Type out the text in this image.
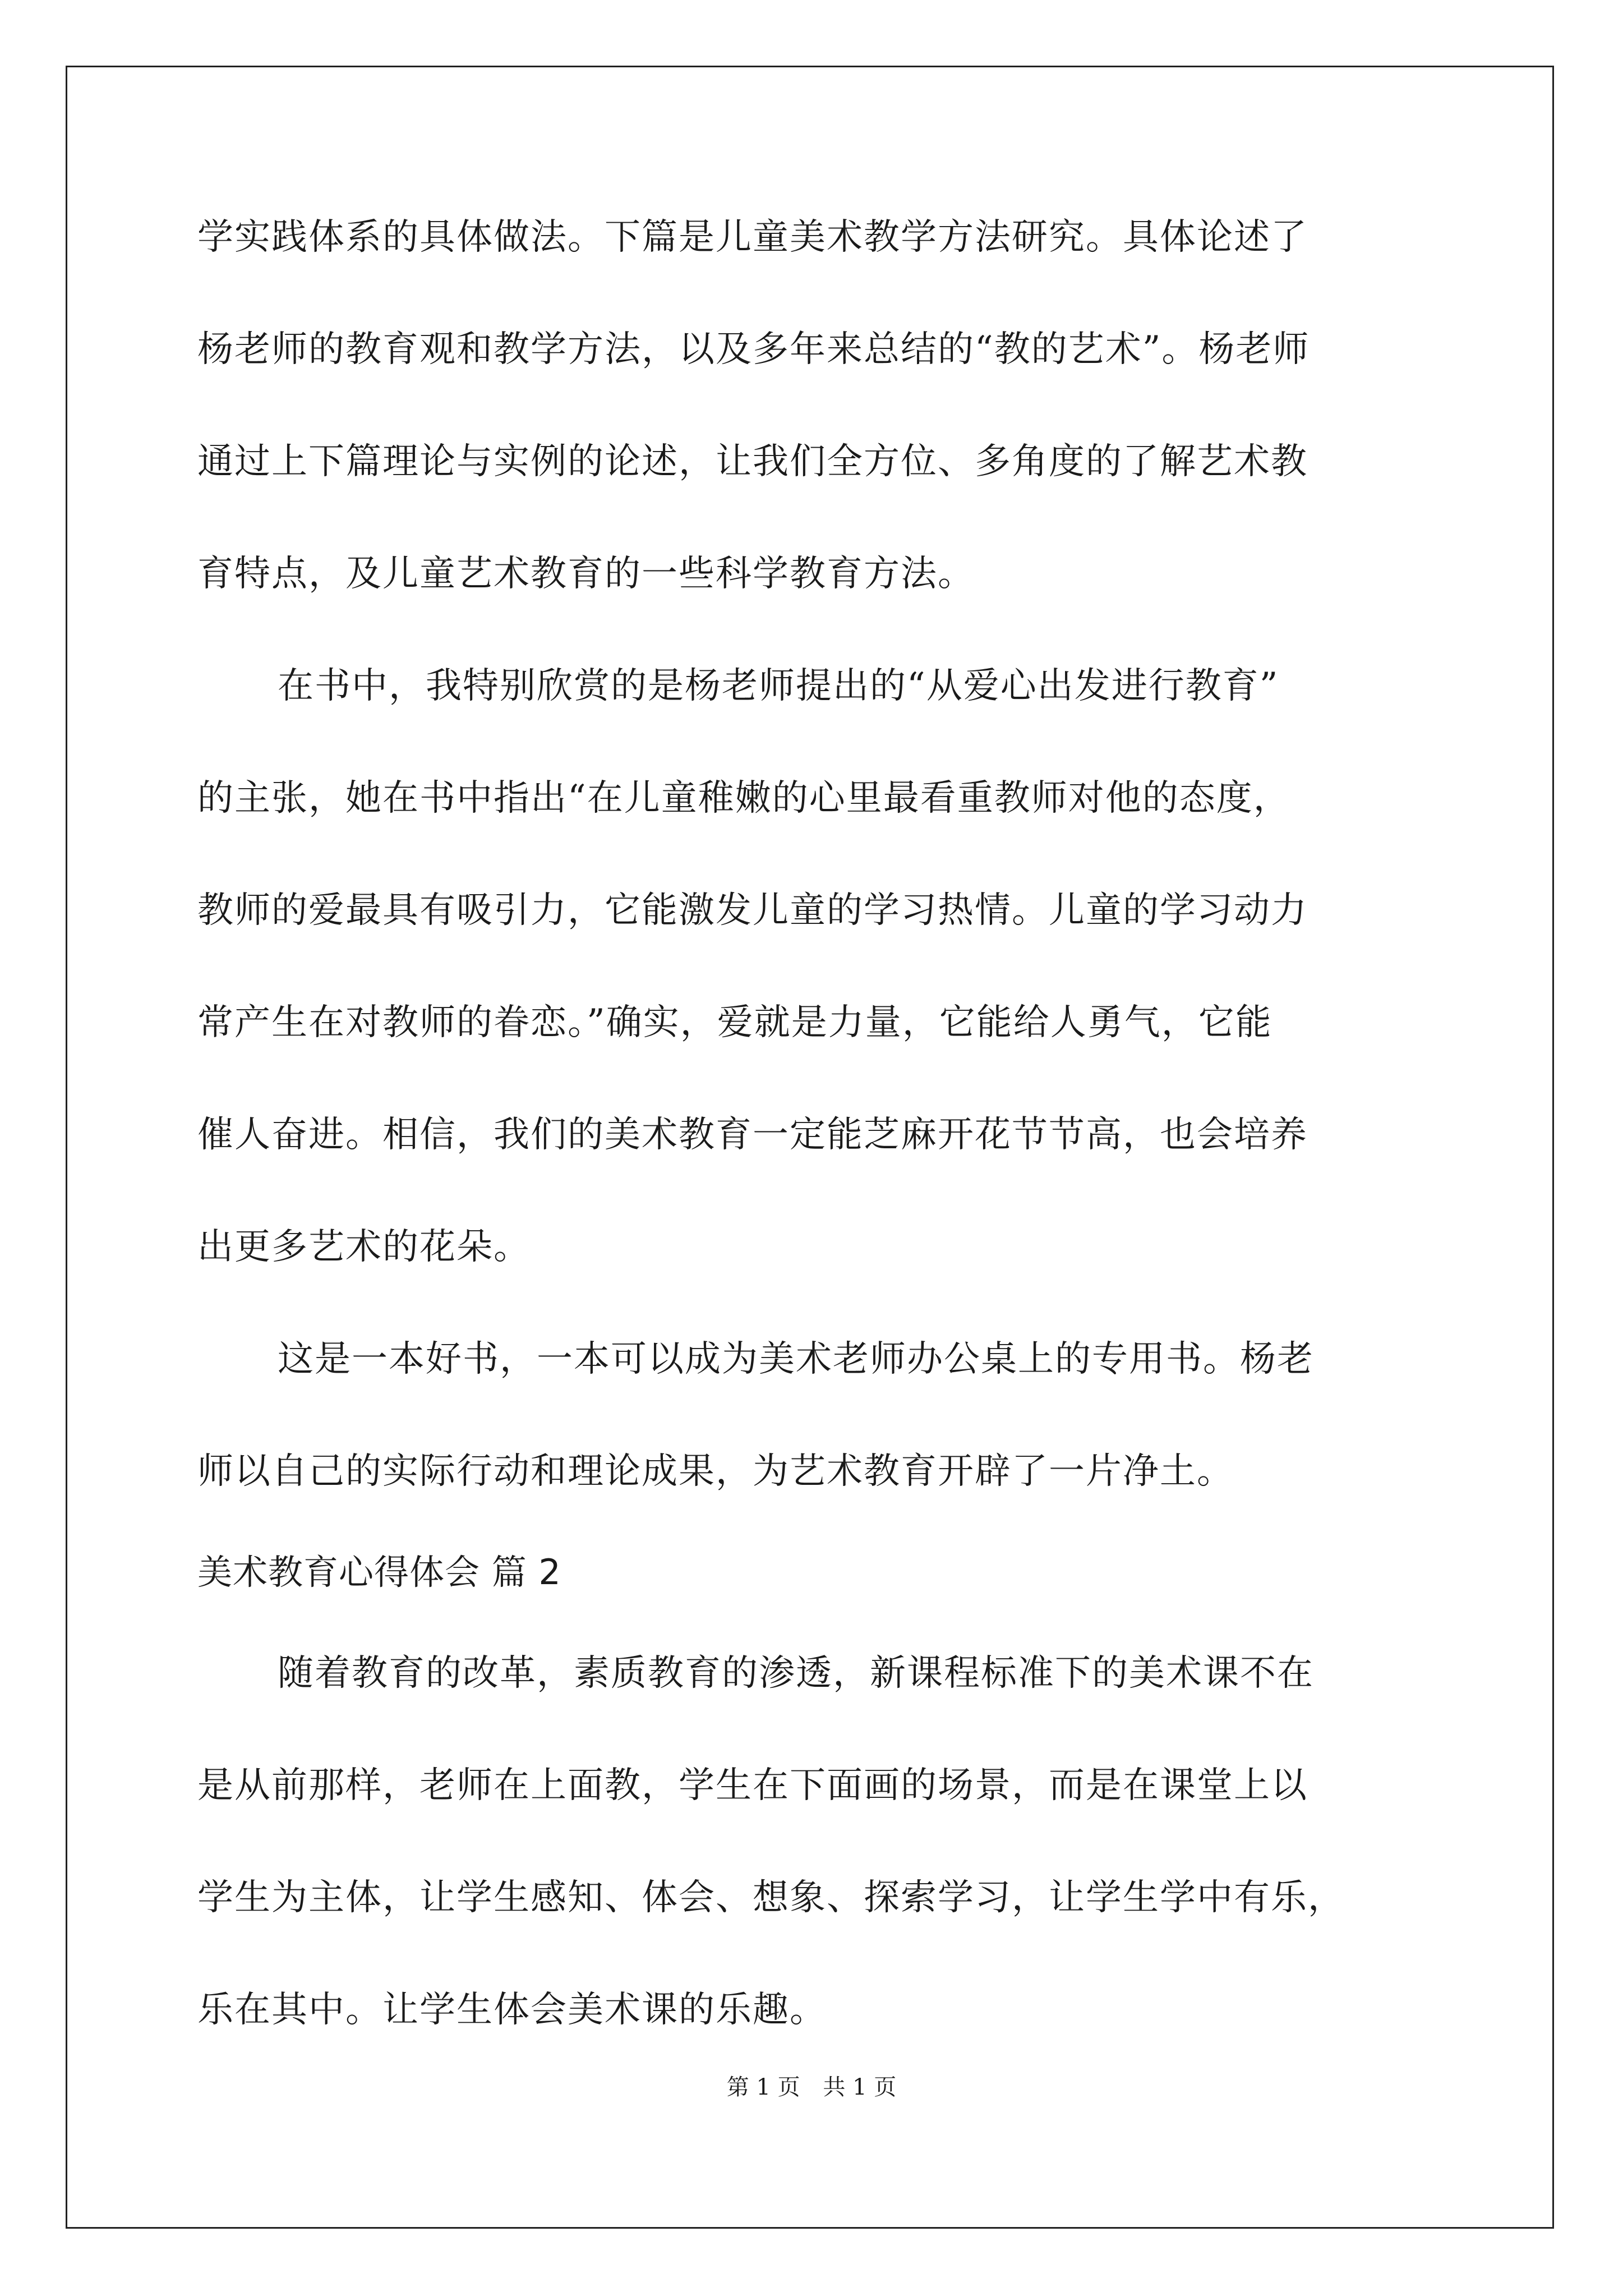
学实践体系的具体做法。下篇是儿童美术教学方法研究。具体论述了
杨老师的教育观和教学方法，以及多年来总结的“教的艺术”。杨老师
通过上下篇理论与实例的论述，让我们全方位、多角度的了解艺术教
育特点，及儿童艺术教育的一些科学教育方法。
在书中，我特别欣赏的是杨老师提出的“从爱心出发进行教育”
的主张，她在书中指出“在儿童稚嫩的心里最看重教师对他的态度，
教师的爱最具有吸引力，它能激发儿童的学习热情。儿童的学习动力
常产生在对教师的眷恋。”确实，爱就是力量，它能给人勇气，它能
催人奋进。相信，我们的美术教育一定能芝麻开花节节高，也会培养
出更多艺术的花朵。
这是一本好书，一本可以成为美术老师办公桌上的专用书。杨老
师以自己的实际行动和理论成果，为艺术教育开辟了一片净土。
美术教育心得体会 篇 2
随着教育的改革，素质教育的渗透，新课程标准下的美术课不在
是从前那样，老师在上面教，学生在下面画的场景，而是在课堂上以
学生为主体，让学生感知、体会、想象、探索学习，让学生学中有乐，
乐在其中。让学生体会美术课的乐趣。
第 1 页 共 1 页
